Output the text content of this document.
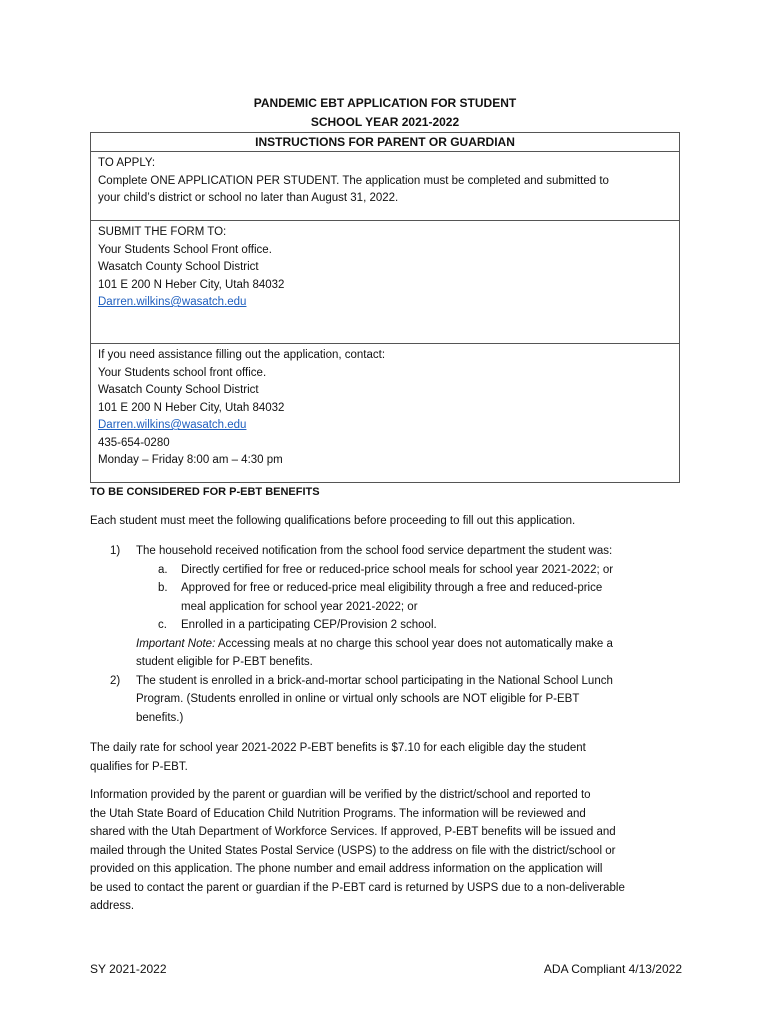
PANDEMIC EBT APPLICATION FOR STUDENT
SCHOOL YEAR 2021-2022
INSTRUCTIONS FOR PARENT OR GUARDIAN
TO APPLY:
Complete ONE APPLICATION PER STUDENT. The application must be completed and submitted to
your child’s district or school no later than August 31, 2022.
SUBMIT THE FORM TO:
Your Students School Front office.
Wasatch County School District
101 E 200 N Heber City, Utah 84032
Darren.wilkins@wasatch.edu
If you need assistance filling out the application, contact:
Your Students school front office.
Wasatch County School District
101 E 200 N Heber City, Utah 84032
Darren.wilkins@wasatch.edu
435-654-0280
Monday – Friday 8:00 am – 4:30 pm
TO BE CONSIDERED FOR P-EBT BENEFITS
Each student must meet the following qualifications before proceeding to fill out this application.
1) The household received notification from the school food service department the student was:
a. Directly certified for free or reduced-price school meals for school year 2021-2022; or
b. Approved for free or reduced-price meal eligibility through a free and reduced-price
meal application for school year 2021-2022; or
c. Enrolled in a participating CEP/Provision 2 school.
Important Note: Accessing meals at no charge this school year does not automatically make a
student eligible for P-EBT benefits.
2) The student is enrolled in a brick-and-mortar school participating in the National School Lunch
Program. (Students enrolled in online or virtual only schools are NOT eligible for P-EBT
benefits.)
The daily rate for school year 2021-2022 P-EBT benefits is $7.10 for each eligible day the student
qualifies for P-EBT.
Information provided by the parent or guardian will be verified by the district/school and reported to
the Utah State Board of Education Child Nutrition Programs. The information will be reviewed and
shared with the Utah Department of Workforce Services. If approved, P-EBT benefits will be issued and
mailed through the United States Postal Service (USPS) to the address on file with the district/school or
provided on this application. The phone number and email address information on the application will
be used to contact the parent or guardian if the P-EBT card is returned by USPS due to a non-deliverable
address.
SY 2021-2022	ADA Compliant 4/13/2022
